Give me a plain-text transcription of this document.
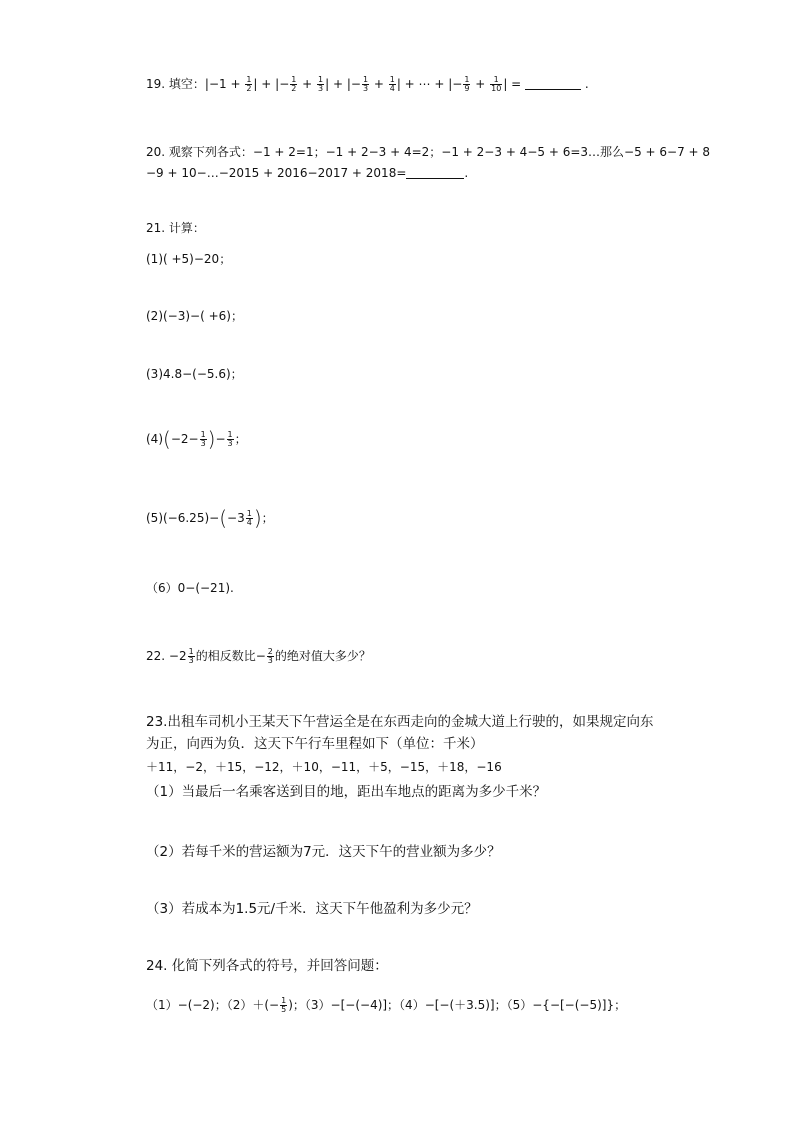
19. 填空：$|-1 + \frac{1}{2}$ | + |− $\frac{1}{2} + \frac{1}{3}$ | + |− $\frac{1}{3} + \frac{1}{4}$ | + ⋯ + |− $\frac{1}{9} + \frac{1}{10}$ | =	.
20. 观察下列各式：−1 + 2=1；−1 + 2−3 + 4=2；−1 + 2−3 + 4−5 + 6=3…那么−5 + 6−7 + 8
−9 + 10−…−2015 + 2016−2017 + 2018=	.
21. 计算：
(1)( +5)−20；
(2)(−3)−( +6)；
(3)4.8−(−5.6)；
$(4)(-2- \frac{1}{3}$ )− $\frac{1}{3}$ ；
$(5)(-6.25)-(-3 \frac{1}{4}$ )；
（6）0−(−21).
22. $-2 \frac{1}{3}$ 的相反数比− $\frac{2}{3}$ 的绝对值大多少？
23.出租车司机小王某天下午营运全是在东西走向的金城大道上行驶的，如果规定向东
为正，向西为负．这天下午行车里程如下（单位：千米）
＋11，−2，＋15，−12，＋10，−11，＋5，−15，＋18，−16
（1）当最后一名乘客送到目的地，距出车地点的距离为多少千米？
（2）若每千米的营运额为7元．这天下午的营业额为多少？
（3）若成本为1.5元/千米．这天下午他盈利为多少元？
24. 化简下列各式的符号，并回答问题：
（1）−(−2)；$(2)+(- \frac{1}{5}$ )；（3）−[−(−4)]；（4）−[−(＋3.5)]；（5）−{−[−(−5)]}；
